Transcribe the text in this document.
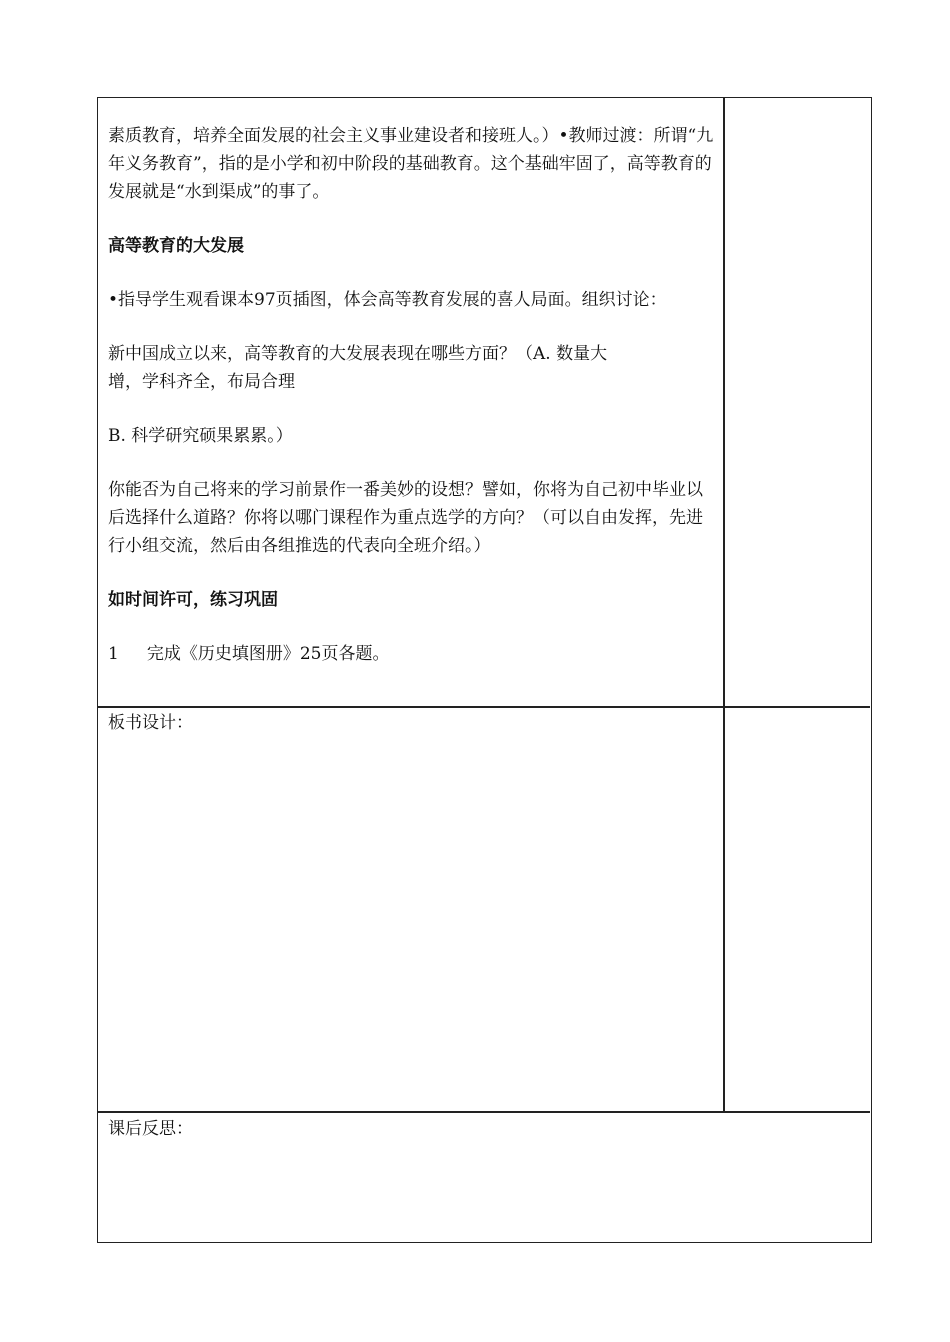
素质教育，培养全面发展的社会主义事业建设者和接班人。）•教师过渡：所谓“九年义务教育”，指的是小学和初中阶段的基础教育。这个基础牢固了，高等教育的发展就是“水到渠成”的事了。

高等教育的大发展

•指导学生观看课本97页插图，体会高等教育发展的喜人局面。组织讨论：

新中国成立以来，高等教育的大发展表现在哪些方面？（A. 数量大

增，学科齐全，布局合理

B. 科学研究硕果累累。）

你能否为自己将来的学习前景作一番美妙的设想？譬如，你将为自己初中毕业以后选择什么道路？你将以哪门课程作为重点选学的方向？（可以自由发挥，先进行小组交流，然后由各组推选的代表向全班介绍。）

如时间许可，练习巩固

1 完成《历史填图册》25页各题。

板书设计：
课后反思：
